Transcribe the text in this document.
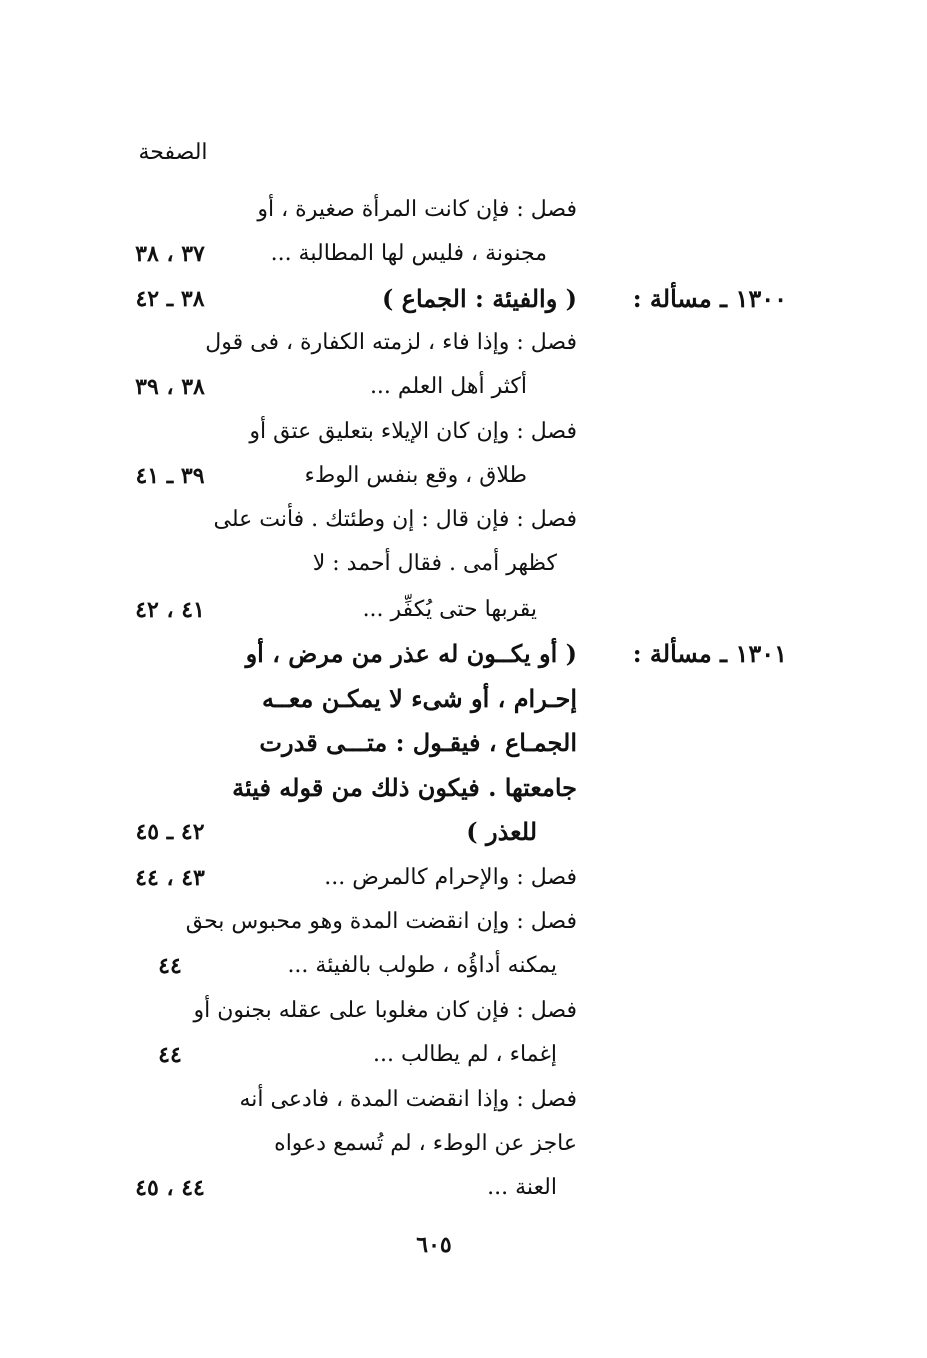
الصفحة
فصل : فإن كانت المرأة صغيرة ، أو
مجنونة ، فليس لها المطالبة ...
٣٧ ، ٣٨
١٣٠٠ ـ مسألة :
( والفيئة : الجماع )
٣٨ ـ ٤٢
فصل : وإذا فاء ، لزمته الكفارة ، فى قول
أكثر أهل العلم ...
٣٨ ، ٣٩
فصل : وإن كان الإيلاء بتعليق عتق أو
طلاق ، وقع بنفس الوطء
٣٩ ـ ٤١
فصل : فإن قال : إن وطئتك . فأنت على
كظهر أمى . فقال أحمد : لا
يقربها حتى يُكفِّر ...
٤١ ، ٤٢
١٣٠١ ـ مسألة :
( أو يكــون له عذر من مرض ، أو
إحـرام ، أو شىء لا يمكـن معــه
الجمـاع ، فيقـول : متـــى قدرت
جامعتها . فيكون ذلك من قوله فيئة
للعذر )
٤٢ ـ ٤٥
فصل : والإحرام كالمرض ...
٤٣ ، ٤٤
فصل : وإن انقضت المدة وهو محبوس بحق
يمكنه أداؤُه ، طولب بالفيئة ...
٤٤
فصل : فإن كان مغلوبا على عقله بجنون أو
إغماء ، لم يطالب ...
٤٤
فصل : وإذا انقضت المدة ، فادعى أنه
عاجز عن الوطء ، لم تُسمع دعواه
العنة ...
٤٤ ، ٤٥
٦٠٥
